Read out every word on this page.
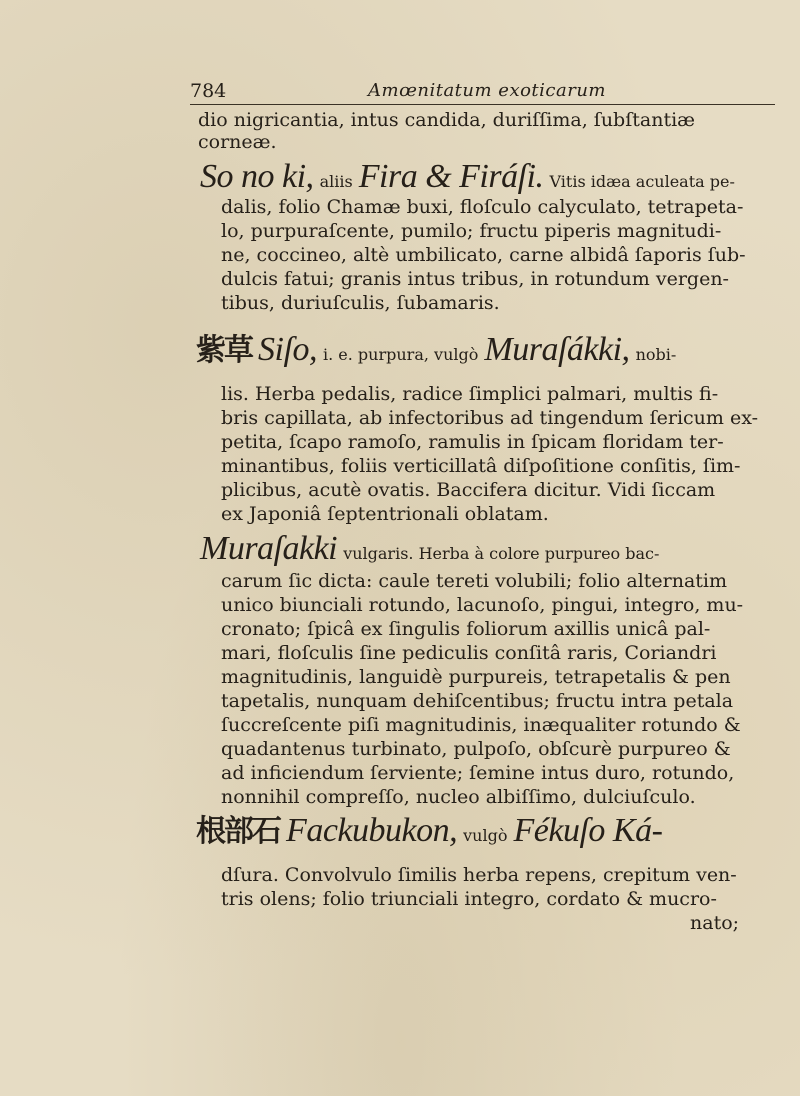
784	Amœnitatum exoticarum
dio nigricantia, intus candida, duriſſima, ſubſtantiæ
corneæ.
So no ki, aliis Fira & Firáſi. Vitis idæa aculeata pe-
dalis, folio Chamæ buxi, floſculo calyculato, tetrapeta-
lo, purpuraſcente, pumilo; fructu piperis magnitudi-
ne, coccineo, altè umbilicato, carne albidâ ſaporis ſub-
dulcis fatui; granis intus tribus, in rotundum vergen-
tibus, duriuſculis, ſubamaris.
紫草 Siſo, i. e. purpura, vulgò Muraſákki, nobi-
lis. Herba pedalis, radice ſimplici palmari, multis fi-
bris capillata, ab infectoribus ad tingendum ſericum ex-
petita, ſcapo ramoſo, ramulis in ſpicam floridam ter-
minantibus, foliis verticillatâ diſpoſitione conſitis, ſim-
plicibus, acutè ovatis. Baccifera dicitur. Vidi ſiccam
ex Japoniâ ſeptentrionali oblatam.
Muraſakki vulgaris. Herba à colore purpureo bac-
carum ſic dicta: caule tereti volubili; folio alternatim
unico biunciali rotundo, lacunoſo, pingui, integro, mu-
cronato; ſpicâ ex ſingulis foliorum axillis unicâ pal-
mari, floſculis ſine pediculis conſitâ raris, Coriandri
magnitudinis, languidè purpureis, tetrapetalis & pen
tapetalis, nunquam dehiſcentibus; fructu intra petala
ſuccreſcente piſi magnitudinis, inæqualiter rotundo &
quadantenus turbinato, pulpoſo, obſcurè purpureo &
ad inficiendum ſerviente; ſemine intus duro, rotundo,
nonnihil compreſſo, nucleo albiſſimo, dulciuſculo.
根部石 Fackubukon, vulgò Fékuſo Ká-
dſura. Convolvulo ſimilis herba repens, crepitum ven-
tris olens; folio triunciali integro, cordato & mucro-
nato;
